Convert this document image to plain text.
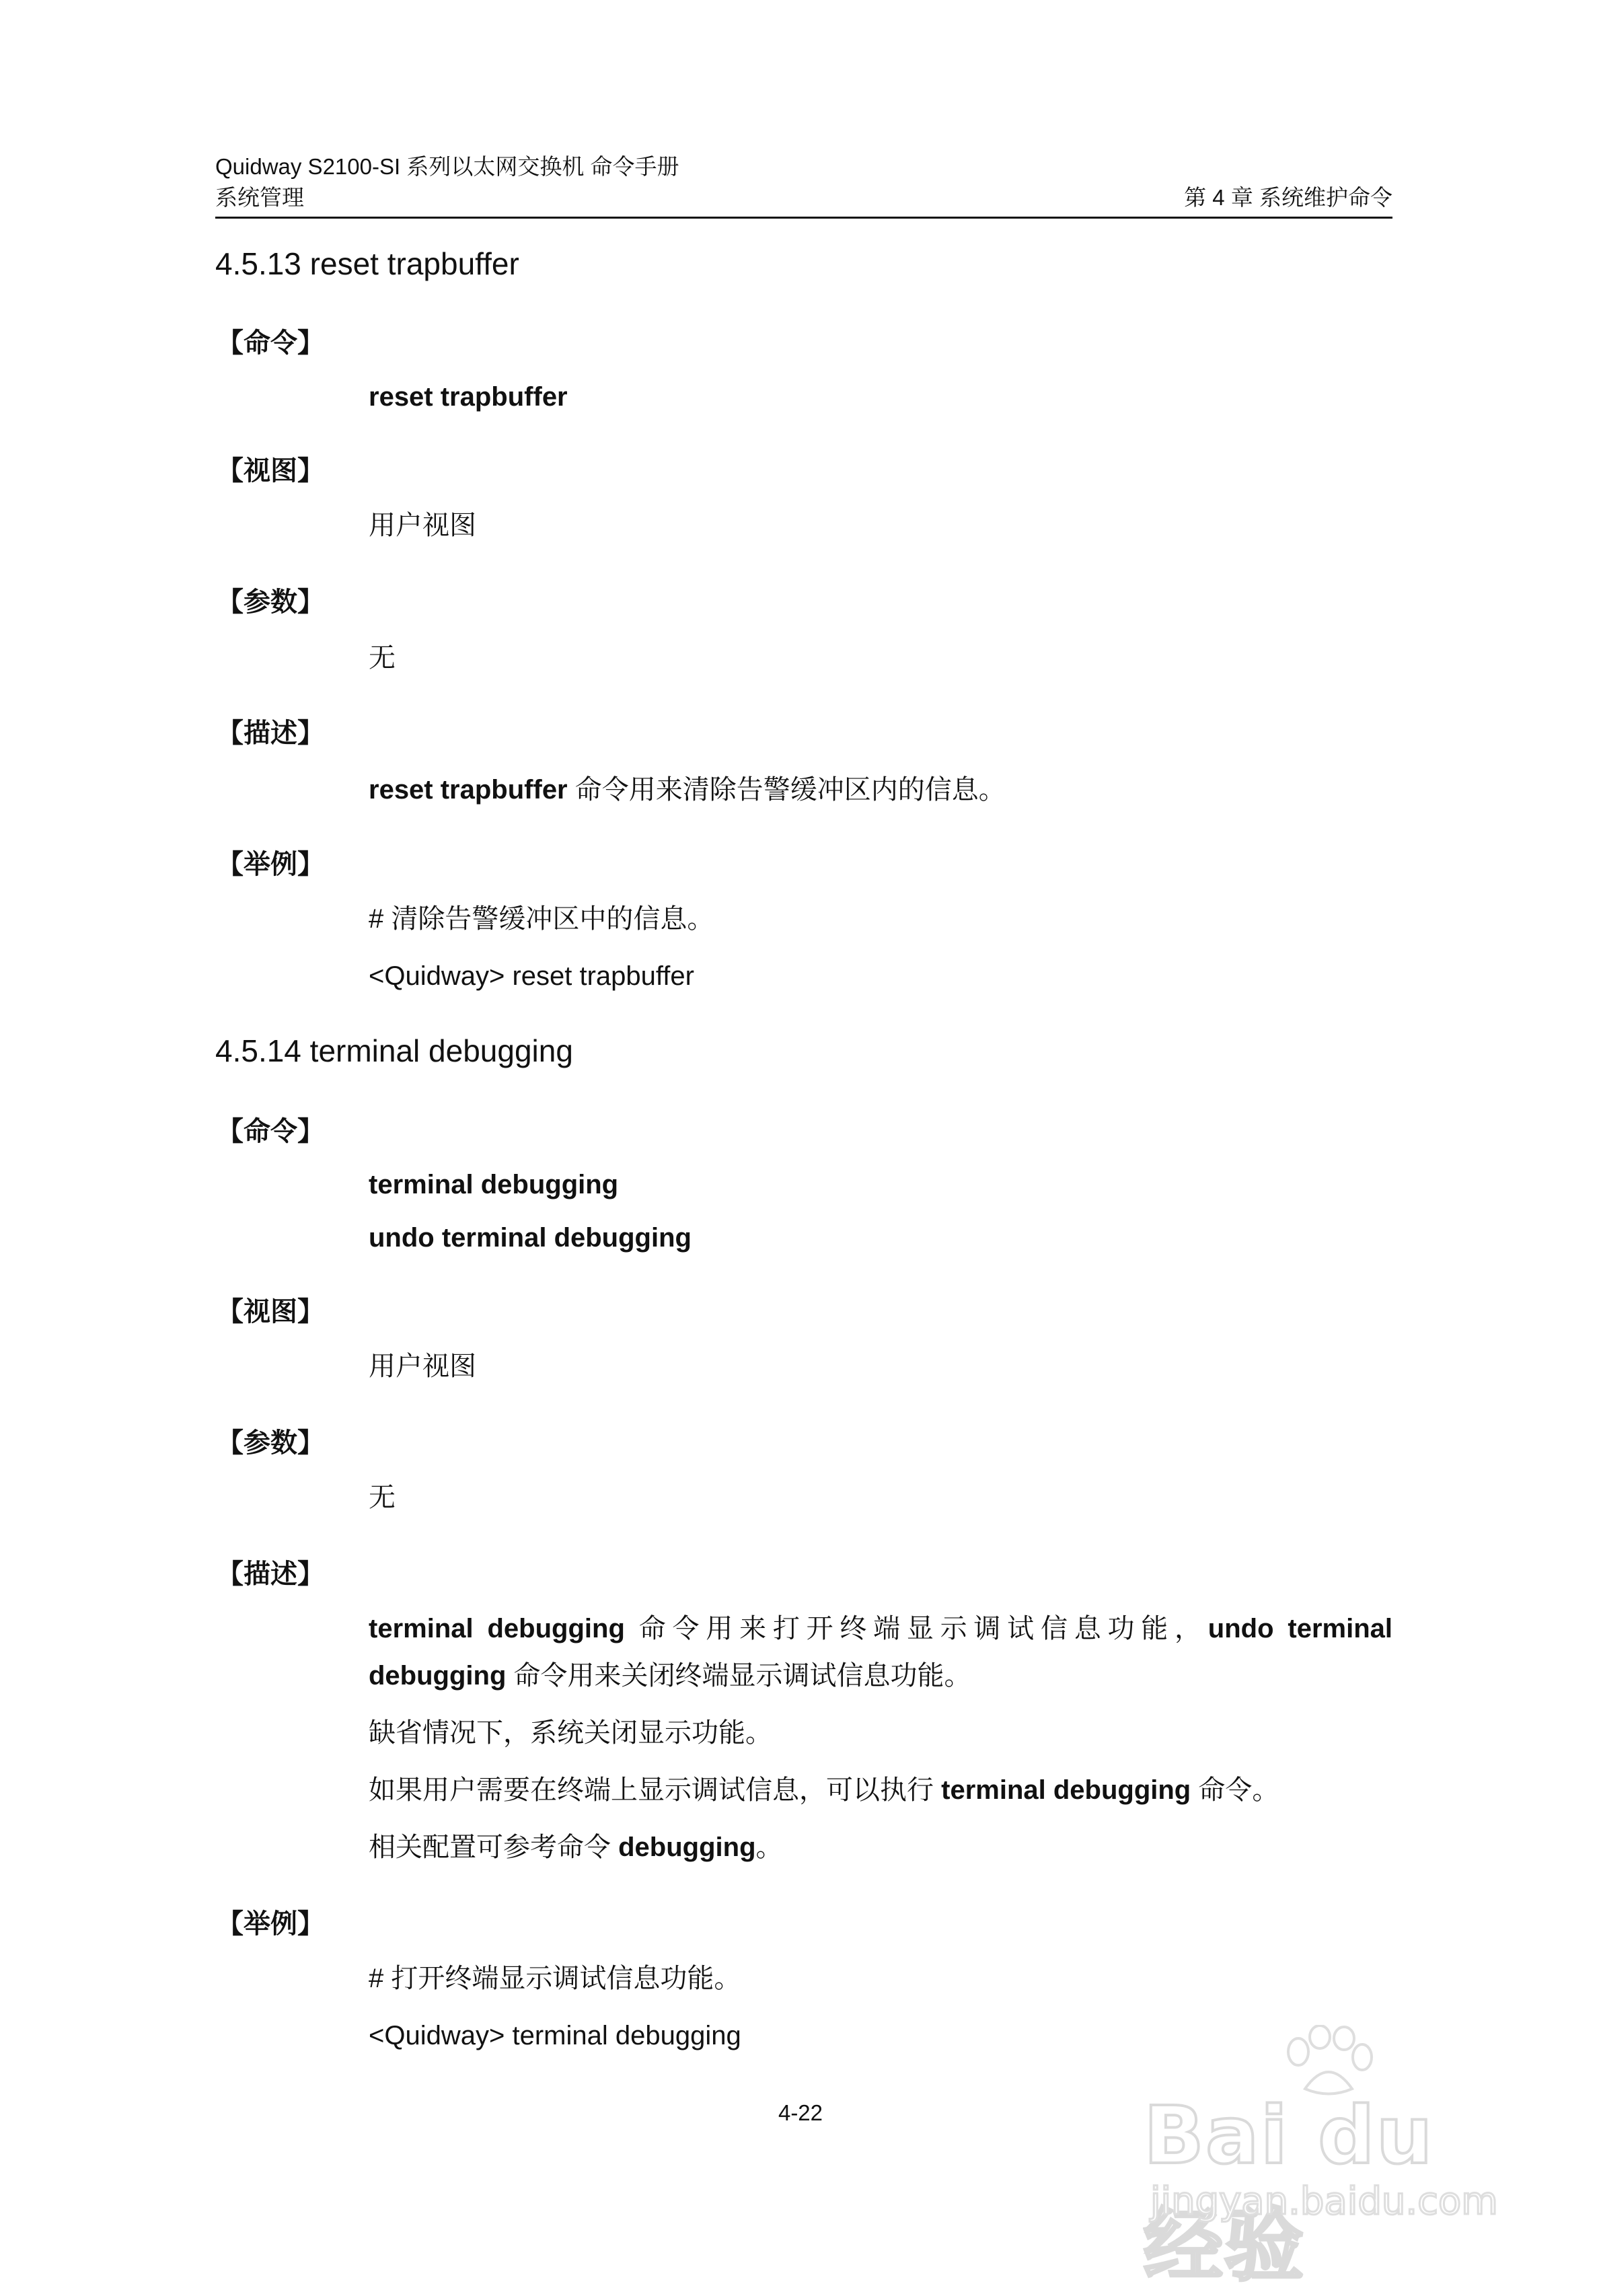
Quidway S2100-SI 系列以太网交换机 命令手册
系统管理	第 4 章 系统维护命令
4.5.13 reset trapbuffer
【命令】
reset trapbuffer
【视图】
用户视图
【参数】
无
【描述】
reset trapbuffer 命令用来清除告警缓冲区内的信息。
【举例】
# 清除告警缓冲区中的信息。
<Quidway> reset trapbuffer
4.5.14 terminal debugging
【命令】
terminal debugging
undo terminal debugging
【视图】
用户视图
【参数】
无
【描述】
terminal debugging 命令用来打开终端显示调试信息功能，undo terminal
debugging 命令用来关闭终端显示调试信息功能。
缺省情况下，系统关闭显示功能。
如果用户需要在终端上显示调试信息，可以执行 terminal debugging 命令。
相关配置可参考命令 debugging。
【举例】
# 打开终端显示调试信息功能。
<Quidway> terminal debugging
4-22	Bai du 经验
jingyan.baidu.com
